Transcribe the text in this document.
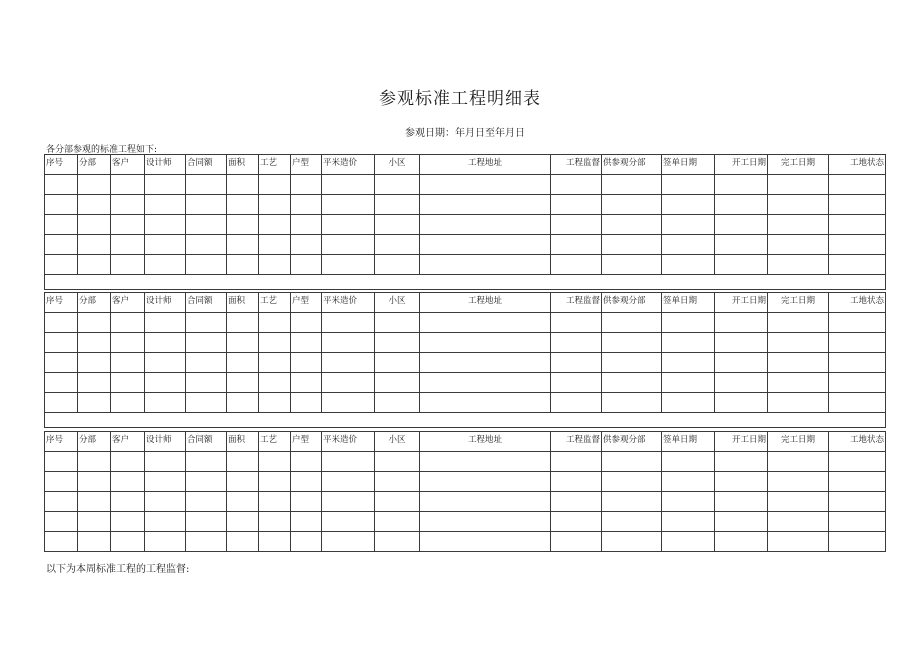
参观标准工程明细表
参观日期：年月日至年月日
各分部参观的标准工程如下:
序号	分部	客户	设计师	合同额	面积	工艺	户型	平米造价	小区	工程地址	工程监督	供参观分部	签单日期	开工日期	完工日期	工地状态

序号	分部	客户	设计师	合同额	面积	工艺	户型	平米造价	小区	工程地址	工程监督	供参观分部	签单日期	开工日期	完工日期	工地状态

序号	分部	客户	设计师	合同额	面积	工艺	户型	平米造价	小区	工程地址	工程监督	供参观分部	签单日期	开工日期	完工日期	工地状态

以下为本周标准工程的工程监督:
